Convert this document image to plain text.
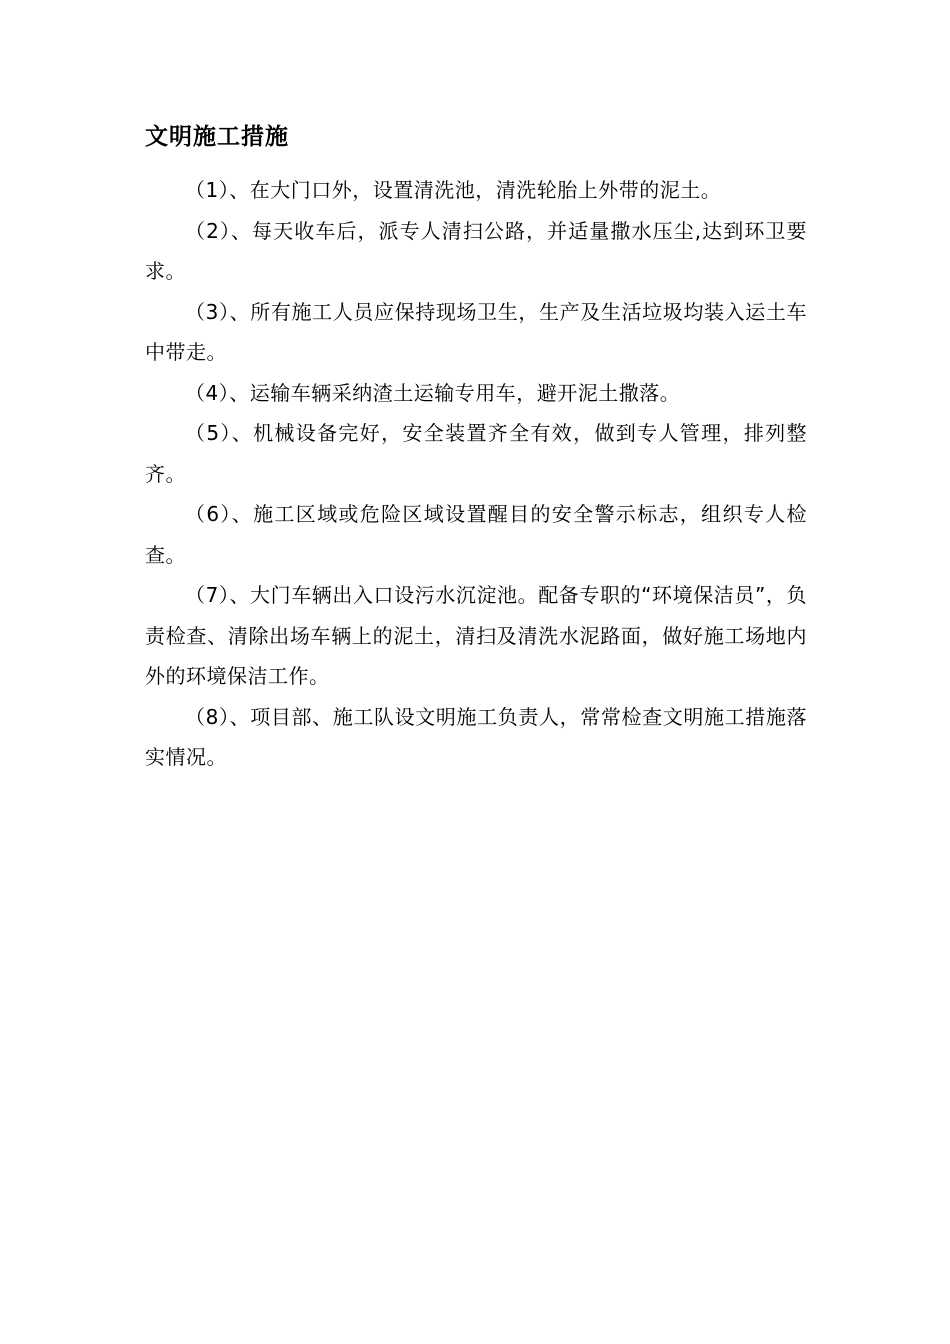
文明施工措施

（1）、在大门口外，设置清洗池，清洗轮胎上外带的泥土。

（2）、每天收车后，派专人清扫公路，并适量撒水压尘,达到环卫要求。

（3）、所有施工人员应保持现场卫生，生产及生活垃圾均装入运土车中带走。

（4）、运输车辆采纳渣土运输专用车，避开泥土撒落。

（5）、机械设备完好，安全装置齐全有效，做到专人管理，排列整齐。

（6）、施工区域或危险区域设置醒目的安全警示标志，组织专人检查。

（7）、大门车辆出入口设污水沉淀池。配备专职的“环境保洁员”，负责检查、清除出场车辆上的泥土，清扫及清洗水泥路面，做好施工场地内外的环境保洁工作。

（8）、项目部、施工队设文明施工负责人，常常检查文明施工措施落实情况。
